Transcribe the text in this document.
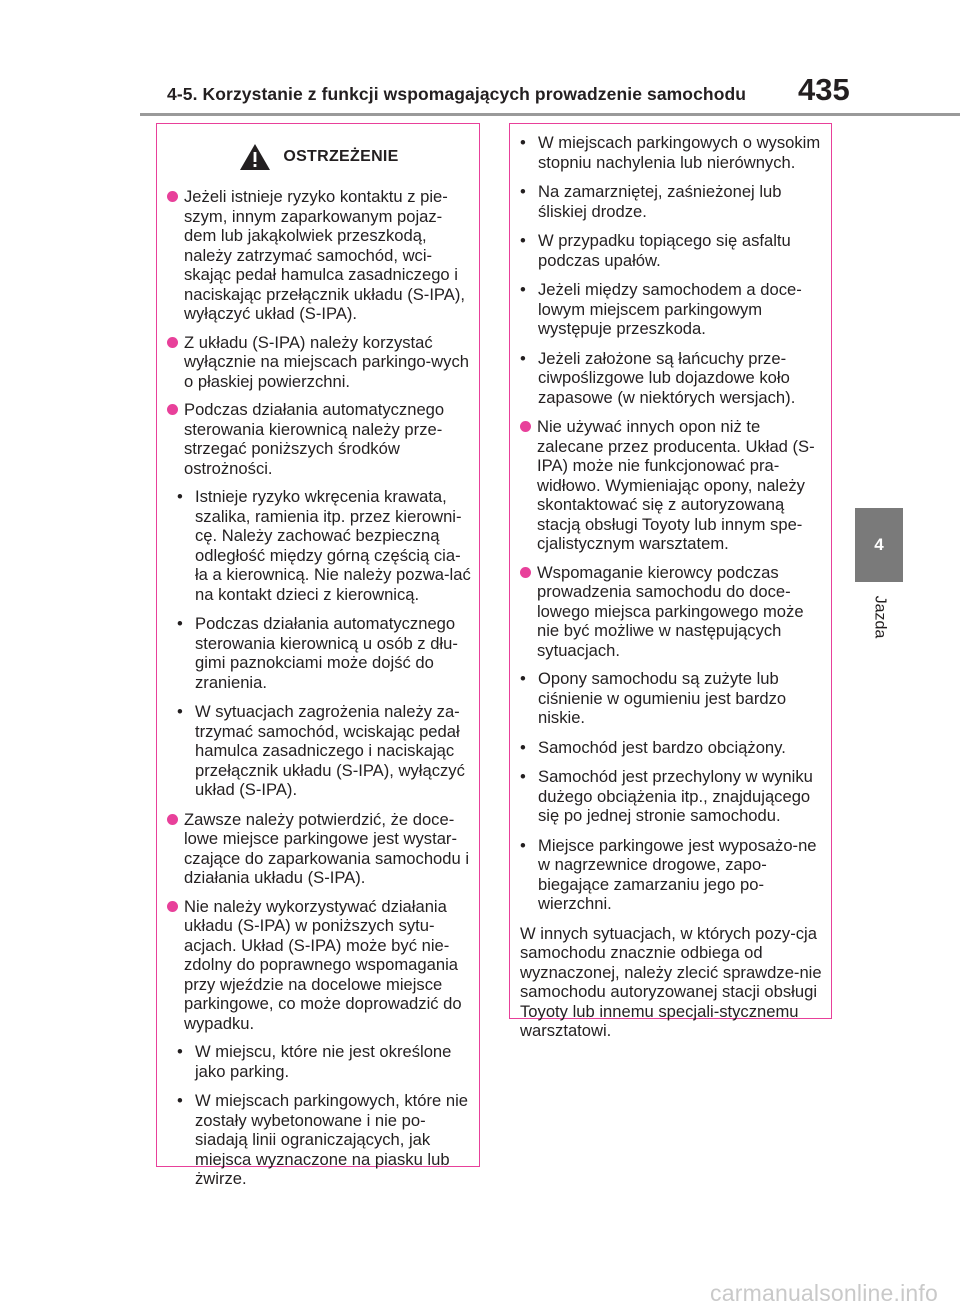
4-5. Korzystanie z funkcji wspomagających prowadzenie samochodu 435
4
Jazda
OSTRZEŻENIE
Jeżeli istnieje ryzyko kontaktu z pie-szym, innym zaparkowanym pojaz-dem lub jakąkolwiek przeszkodą, należy zatrzymać samochód, wci-skając pedał hamulca zasadniczego i naciskając przełącznik układu (S-IPA), wyłączyć układ (S-IPA).
Z układu (S-IPA) należy korzystać wyłącznie na miejscach parkingo-wych o płaskiej powierzchni.
Podczas działania automatycznego sterowania kierownicą należy prze-strzegać poniższych środków ostrożności.
• Istnieje ryzyko wkręcenia krawata, szalika, ramienia itp. przez kierowni-cę. Należy zachować bezpieczną odległość między górną częścią cia-ła a kierownicą. Nie należy pozwa-lać na kontakt dzieci z kierownicą.
• Podczas działania automatycznego sterowania kierownicą u osób z dłu-gimi paznokciami może dojść do zranienia.
• W sytuacjach zagrożenia należy za-trzymać samochód, wciskając pedał hamulca zasadniczego i naciskając przełącznik układu (S-IPA), wyłączyć układ (S-IPA).
Zawsze należy potwierdzić, że doce-lowe miejsce parkingowe jest wystar-czające do zaparkowania samochodu i działania układu (S-IPA).
Nie należy wykorzystywać działania układu (S-IPA) w poniższych sytu-acjach. Układ (S-IPA) może być nie-zdolny do poprawnego wspomagania przy wjeździe na docelowe miejsce parkingowe, co może doprowadzić do wypadku.
• W miejscu, które nie jest określone jako parking.
• W miejscach parkingowych, które nie zostały wybetonowane i nie po-siadają linii ograniczających, jak miejsca wyznaczone na piasku lub żwirze.
• W miejscach parkingowych o wysokim stopniu nachylenia lub nierównych.
• Na zamarzniętej, zaśnieżonej lub śliskiej drodze.
• W przypadku topiącego się asfaltu podczas upałów.
• Jeżeli między samochodem a doce-lowym miejscem parkingowym występuje przeszkoda.
• Jeżeli założone są łańcuchy prze-ciwpoślizgowe lub dojazdowe koło zapasowe (w niektórych wersjach).
Nie używać innych opon niż te zalecane przez producenta. Układ (S-IPA) może nie funkcjonować pra-widłowo. Wymieniając opony, należy skontaktować się z autoryzowaną stacją obsługi Toyoty lub innym spe-cjalistycznym warsztatem.
Wspomaganie kierowcy podczas prowadzenia samochodu do doce-lowego miejsca parkingowego może nie być możliwe w następujących sytuacjach.
• Opony samochodu są zużyte lub ciśnienie w ogumieniu jest bardzo niskie.
• Samochód jest bardzo obciążony.
• Samochód jest przechylony w wyniku dużego obciążenia itp., znajdującego się po jednej stronie samochodu.
• Miejsce parkingowe jest wyposażo-ne w nagrzewnice drogowe, zapo-biegające zamarzaniu jego po-wierzchni.
W innych sytuacjach, w których pozy-cja samochodu znacznie odbiega od wyznaczonej, należy zlecić sprawdze-nie samochodu autoryzowanej stacji obsługi Toyoty lub innemu specjali-stycznemu warsztatowi.
carmanualsonline.info
